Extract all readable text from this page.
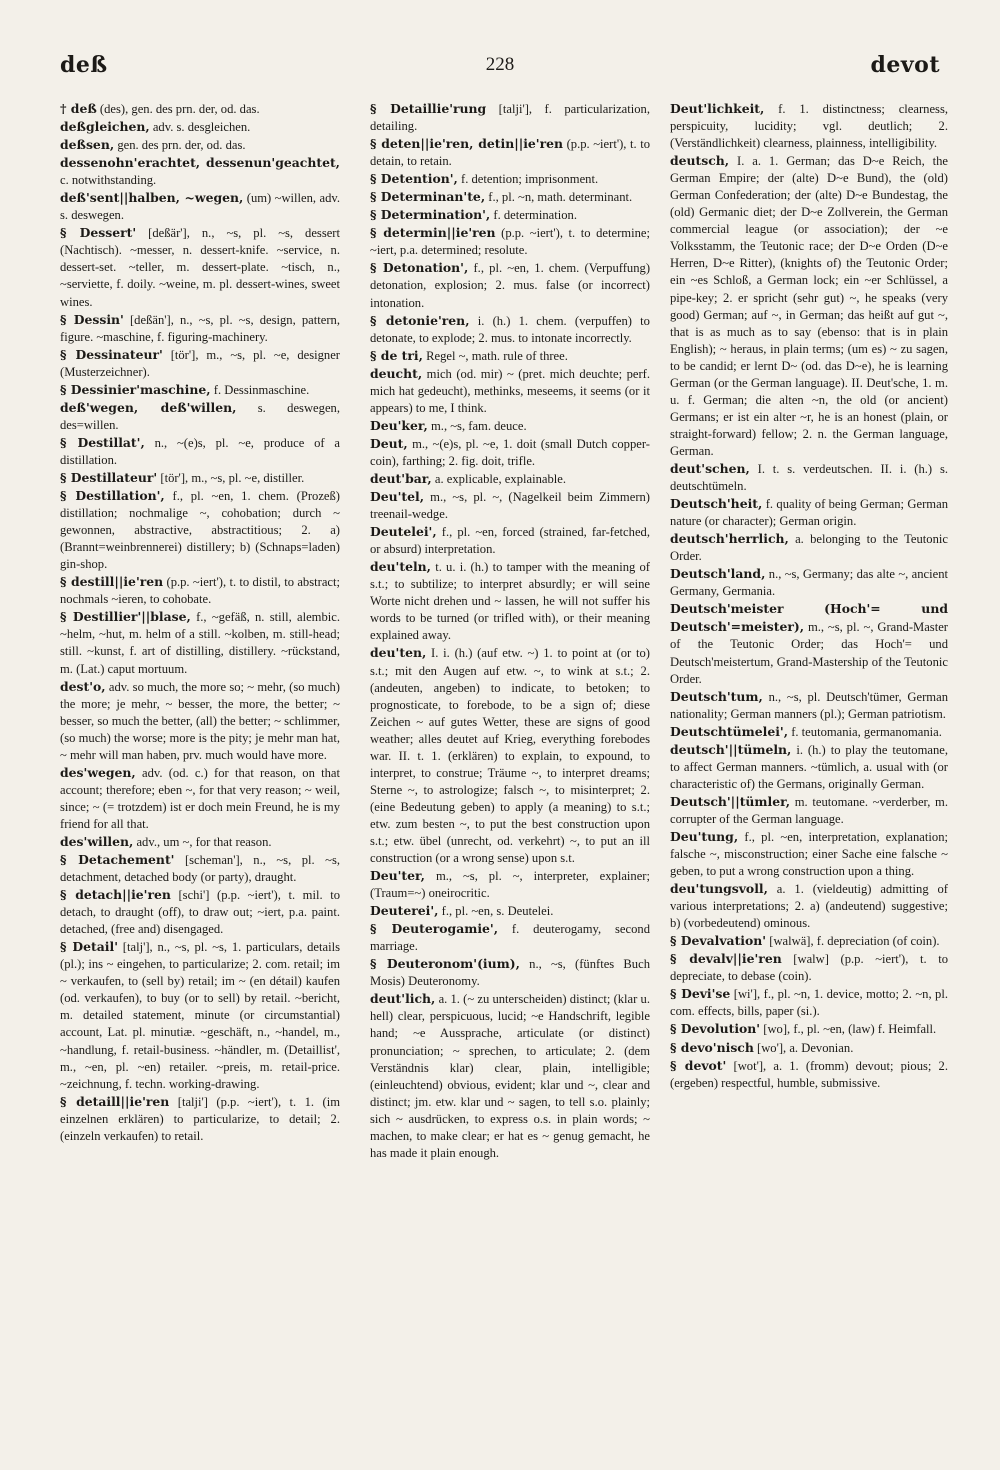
deß	228	devot

† deß (des), gen. des prn. der, od. das.

deßgleichen, adv. s. desgleichen.

deßsen, gen. des prn. der, od. das.

dessenohn'erachtet, dessenun'geachtet, c. notwithstanding.

deß'sent||halben, ~wegen, (um) ~willen, adv. s. deswegen.

§ Dessert' [deßär'], n., ~s, pl. ~s, dessert (Nachtisch). ~messer, n. dessert-knife. ~service, n. dessert-set. ~teller, m. dessert-plate. ~tisch, n., ~serviette, f. doily. ~weine, m. pl. dessert-wines, sweet wines.

§ Dessin' [deßän'], n., ~s, pl. ~s, design, pattern, figure. ~maschine, f. figuring-machinery.

§ Dessinateur' [tör'], m., ~s, pl. ~e, designer (Musterzeichner).

§ Dessinier'maschine, f. Dessinmaschine.

deß'wegen, deß'willen, s. deswegen, des=willen.

§ Destillat', n., ~(e)s, pl. ~e, produce of a distillation.

§ Destillateur' [tör'], m., ~s, pl. ~e, distiller.

§ Destillation', f., pl. ~en, 1. chem. (Prozeß) distillation; nochmalige ~, cohobation; durch ~ gewonnen, abstractive, abstractitious; 2. a) (Brannt=weinbrennerei) distillery; b) (Schnaps=laden) gin-shop.

§ destill||ie'ren (p.p. ~iert'), t. to distil, to abstract; nochmals ~ieren, to cohobate.

§ Destillier'||blase, f., ~gefäß, n. still, alembic. ~helm, ~hut, m. helm of a still. ~kolben, m. still-head; still. ~kunst, f. art of distilling, distillery. ~rückstand, m. (Lat.) caput mortuum.

dest'o, adv. so much, the more so; ~ mehr, (so much) the more; je mehr, ~ besser, the more, the better; ~ besser, so much the better, (all) the better; ~ schlimmer, (so much) the worse; more is the pity; je mehr man hat, ~ mehr will man haben, prv. much would have more.

des'wegen, adv. (od. c.) for that reason, on that account; therefore; eben ~, for that very reason; ~ weil, since; ~ (= trotzdem) ist er doch mein Freund, he is my friend for all that.

des'willen, adv., um ~, for that reason.

§ Detachement' [scheman'], n., ~s, pl. ~s, detachment, detached body (or party), draught.

§ detach||ie'ren [schi'] (p.p. ~iert'), t. mil. to detach, to draught (off), to draw out; ~iert, p.a. paint. detached, (free and) disengaged.

§ Detail' [talj'], n., ~s, pl. ~s, 1. particulars, details (pl.); ins ~ eingehen, to particularize; 2. com. retail; im ~ verkaufen, to (sell by) retail; im ~ (en détail) kaufen (od. verkaufen), to buy (or to sell) by retail. ~bericht, m. detailed statement, minute (or circumstantial) account, Lat. pl. minutiæ. ~geschäft, n., ~handel, m., ~handlung, f. retail-business. ~händler, m. (Detaillist', m., ~en, pl. ~en) retailer. ~preis, m. retail-price. ~zeichnung, f. techn. working-drawing.

§ detaill||ie'ren [talji'] (p.p. ~iert'), t. 1. (im einzelnen erklären) to particularize, to detail; 2. (einzeln verkaufen) to retail.

§ Detaillie'rung [talji'], f. particularization, detailing.

§ deten||ie'ren, detin||ie'ren (p.p. ~iert'), t. to detain, to retain.

§ Detention', f. detention; imprisonment.

§ Determinan'te, f., pl. ~n, math. determinant.

§ Determination', f. determination.

§ determin||ie'ren (p.p. ~iert'), t. to determine; ~iert, p.a. determined; resolute.

§ Detonation', f., pl. ~en, 1. chem. (Verpuffung) detonation, explosion; 2. mus. false (or incorrect) intonation.

§ detonie'ren, i. (h.) 1. chem. (verpuffen) to detonate, to explode; 2. mus. to intonate incorrectly.

§ de tri, Regel ~, math. rule of three.

deucht, mich (od. mir) ~ (pret. mich deuchte; perf. mich hat gedeucht), methinks, meseems, it seems (or it appears) to me, I think.

Deu'ker, m., ~s, fam. deuce.

Deut, m., ~(e)s, pl. ~e, 1. doit (small Dutch copper-coin), farthing; 2. fig. doit, trifle.

deut'bar, a. explicable, explainable.

Deu'tel, m., ~s, pl. ~, (Nagelkeil beim Zimmern) treenail-wedge.

Deutelei', f., pl. ~en, forced (strained, far-fetched, or absurd) interpretation.

deu'teln, t. u. i. (h.) to tamper with the meaning of s.t.; to subtilize; to interpret absurdly; er will seine Worte nicht drehen und ~ lassen, he will not suffer his words to be turned (or trifled with), or their meaning explained away.

deu'ten, I. i. (h.) (auf etw. ~) 1. to point at (or to) s.t.; mit den Augen auf etw. ~, to wink at s.t.; 2. (andeuten, angeben) to indicate, to betoken; to prognosticate, to forebode, to be a sign of; diese Zeichen ~ auf gutes Wetter, these are signs of good weather; alles deutet auf Krieg, everything forebodes war. II. t. 1. (erklären) to explain, to expound, to interpret, to construe; Träume ~, to interpret dreams; Sterne ~, to astrologize; falsch ~, to misinterpret; 2. (eine Bedeutung geben) to apply (a meaning) to s.t.; etw. zum besten ~, to put the best construction upon s.t.; etw. übel (unrecht, od. verkehrt) ~, to put an ill construction (or a wrong sense) upon s.t.

Deu'ter, m., ~s, pl. ~, interpreter, explainer; (Traum=~) oneirocritic.

Deuterei', f., pl. ~en, s. Deutelei.

§ Deuterogamie', f. deuterogamy, second marriage.

§ Deuteronom'(ium), n., ~s, (fünftes Buch Mosis) Deuteronomy.

deut'lich, a. 1. (~ zu unterscheiden) distinct; (klar u. hell) clear, perspicuous, lucid; ~e Handschrift, legible hand; ~e Aussprache, articulate (or distinct) pronunciation; ~ sprechen, to articulate; 2. (dem Verständnis klar) clear, plain, intelligible; (einleuchtend) obvious, evident; klar und ~, clear and distinct; jm. etw. klar und ~ sagen, to tell s.o. plainly; sich ~ ausdrücken, to express o.s. in plain words; ~ machen, to make clear; er hat es ~ genug gemacht, he has made it plain enough.

Deut'lichkeit, f. 1. distinctness; clearness, perspicuity, lucidity; vgl. deutlich; 2. (Verständlichkeit) clearness, plainness, intelligibility.

deutsch, I. a. 1. German; das D~e Reich, the German Empire; der (alte) D~e Bund), the (old) German Confederation; der (alte) D~e Bundestag, the (old) Germanic diet; der D~e Zollverein, the German commercial league (or association); der ~e Volksstamm, the Teutonic race; der D~e Orden (D~e Herren, D~e Ritter), (knights of) the Teutonic Order; ein ~es Schloß, a German lock; ein ~er Schlüssel, a pipe-key; 2. er spricht (sehr gut) ~, he speaks (very good) German; auf ~, in German; das heißt auf gut ~, that is as much as to say (ebenso: that is in plain English); ~ heraus, in plain terms; (um es) ~ zu sagen, to be candid; er lernt D~ (od. das D~e), he is learning German (or the German language). II. Deut'sche, 1. m. u. f. German; die alten ~n, the old (or ancient) Germans; er ist ein alter ~r, he is an honest (plain, or straight-forward) fellow; 2. n. the German language, German.

deut'schen, I. t. s. verdeutschen. II. i. (h.) s. deutschtümeln.

Deutsch'heit, f. quality of being German; German nature (or character); German origin.

deutsch'herrlich, a. belonging to the Teutonic Order.

Deutsch'land, n., ~s, Germany; das alte ~, ancient Germany, Germania.

Deutsch'meister (Hoch'= und Deutsch'=meister), m., ~s, pl. ~, Grand-Master of the Teutonic Order; das Hoch'= und Deutsch'meistertum, Grand-Mastership of the Teutonic Order.

Deutsch'tum, n., ~s, pl. Deutsch'tümer, German nationality; German manners (pl.); German patriotism.

Deutschtümelei', f. teutomania, germanomania.

deutsch'||tümeln, i. (h.) to play the teutomane, to affect German manners. ~tümlich, a. usual with (or characteristic of) the Germans, originally German.

Deutsch'||tümler, m. teutomane. ~verderber, m. corrupter of the German language.

Deu'tung, f., pl. ~en, interpretation, explanation; falsche ~, misconstruction; einer Sache eine falsche ~ geben, to put a wrong construction upon a thing.

deu'tungsvoll, a. 1. (vieldeutig) admitting of various interpretations; 2. a) (andeutend) suggestive; b) (vorbedeutend) ominous.

§ Devalvation' [walwä], f. depreciation (of coin).

§ devalv||ie'ren [walw] (p.p. ~iert'), t. to depreciate, to debase (coin).

§ Devi'se [wi'], f., pl. ~n, 1. device, motto; 2. ~n, pl. com. effects, bills, paper (si.).

§ Devolution' [wo], f., pl. ~en, (law) f. Heimfall.

§ devo'nisch [wo'], a. Devonian.

§ devot' [wot'], a. 1. (fromm) devout; pious; 2. (ergeben) respectful, humble, submissive.
